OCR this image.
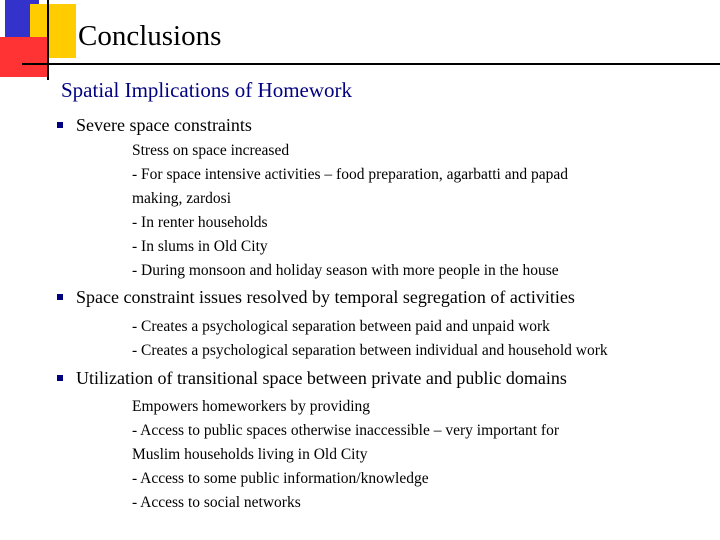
Conclusions
Spatial Implications of Homework
Severe space constraints
Stress on space increased
- For space intensive activities – food preparation, agarbatti and papad
making, zardosi
- In renter households
- In slums in Old City
- During monsoon and holiday season with more people in the house
Space constraint issues resolved by temporal segregation of activities
- Creates a psychological separation between paid and unpaid work
- Creates a psychological separation between individual and household work
Utilization of transitional space between private and public domains
Empowers homeworkers by providing
- Access to public spaces otherwise inaccessible – very important for
Muslim households living in Old City
- Access to some public information/knowledge
- Access to social networks
